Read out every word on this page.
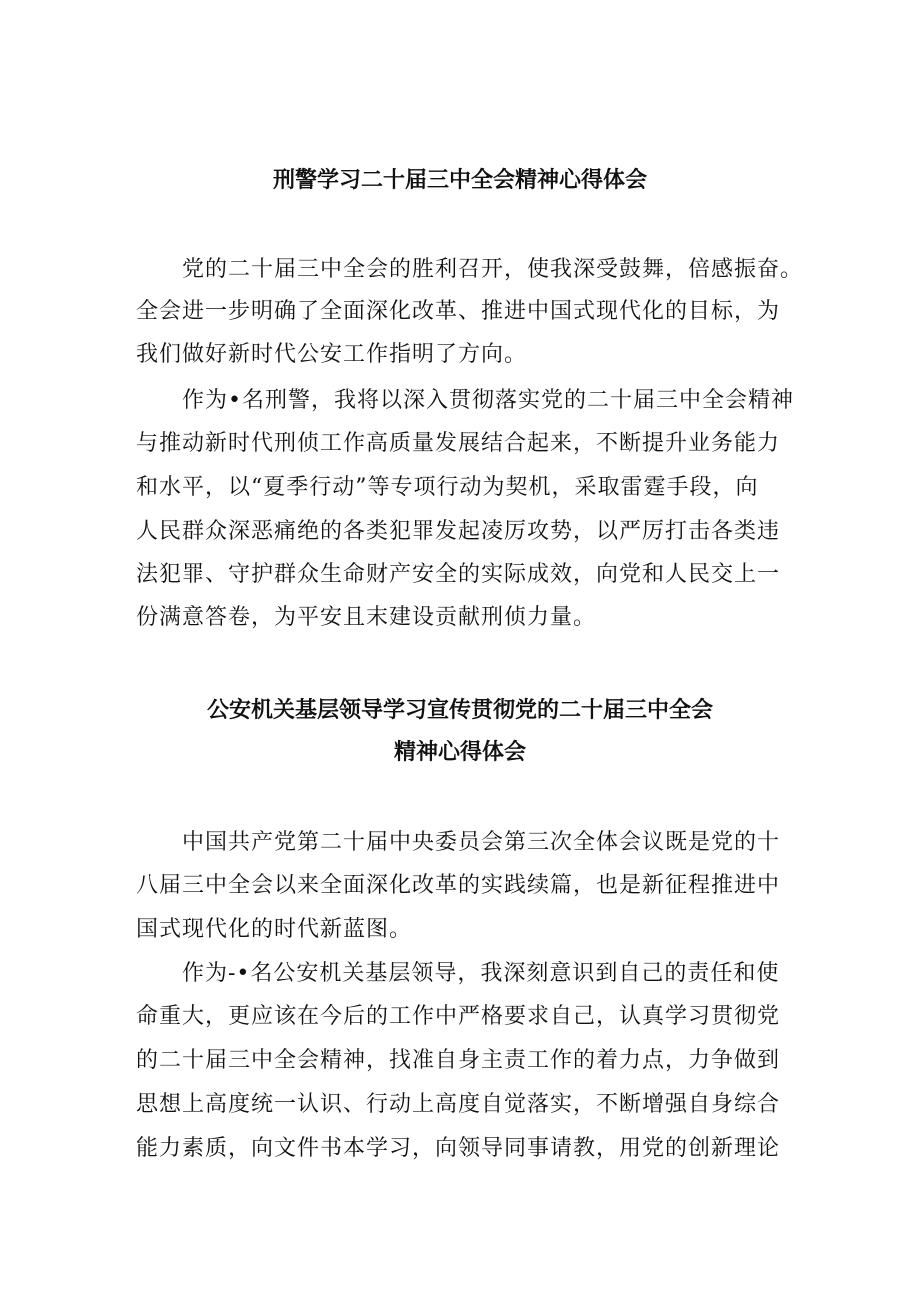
刑警学习二十届三中全会精神心得体会

党的二十届三中全会的胜利召开，使我深受鼓舞，倍感振奋。

全会进一步明确了全面深化改革、推进中国式现代化的目标，为

我们做好新时代公安工作指明了方向。

作为•名刑警，我将以深入贯彻落实党的二十届三中全会精神

与推动新时代刑侦工作高质量发展结合起来，不断提升业务能力

和水平，以“夏季行动”等专项行动为契机，采取雷霆手段，向

人民群众深恶痛绝的各类犯罪发起凌厉攻势，以严厉打击各类违

法犯罪、守护群众生命财产安全的实际成效，向党和人民交上一

份满意答卷，为平安且末建设贡献刑侦力量。

公安机关基层领导学习宣传贯彻党的二十届三中全会
精神心得体会

中国共产党第二十届中央委员会第三次全体会议既是党的十

八届三中全会以来全面深化改革的实践续篇，也是新征程推进中

国式现代化的时代新蓝图。

作为-•名公安机关基层领导，我深刻意识到自己的责任和使

命重大，更应该在今后的工作中严格要求自己，认真学习贯彻党

的二十届三中全会精神，找准自身主责工作的着力点，力争做到

思想上高度统一认识、行动上高度自觉落实，不断增强自身综合

能力素质，向文件书本学习，向领导同事请教，用党的创新理论
